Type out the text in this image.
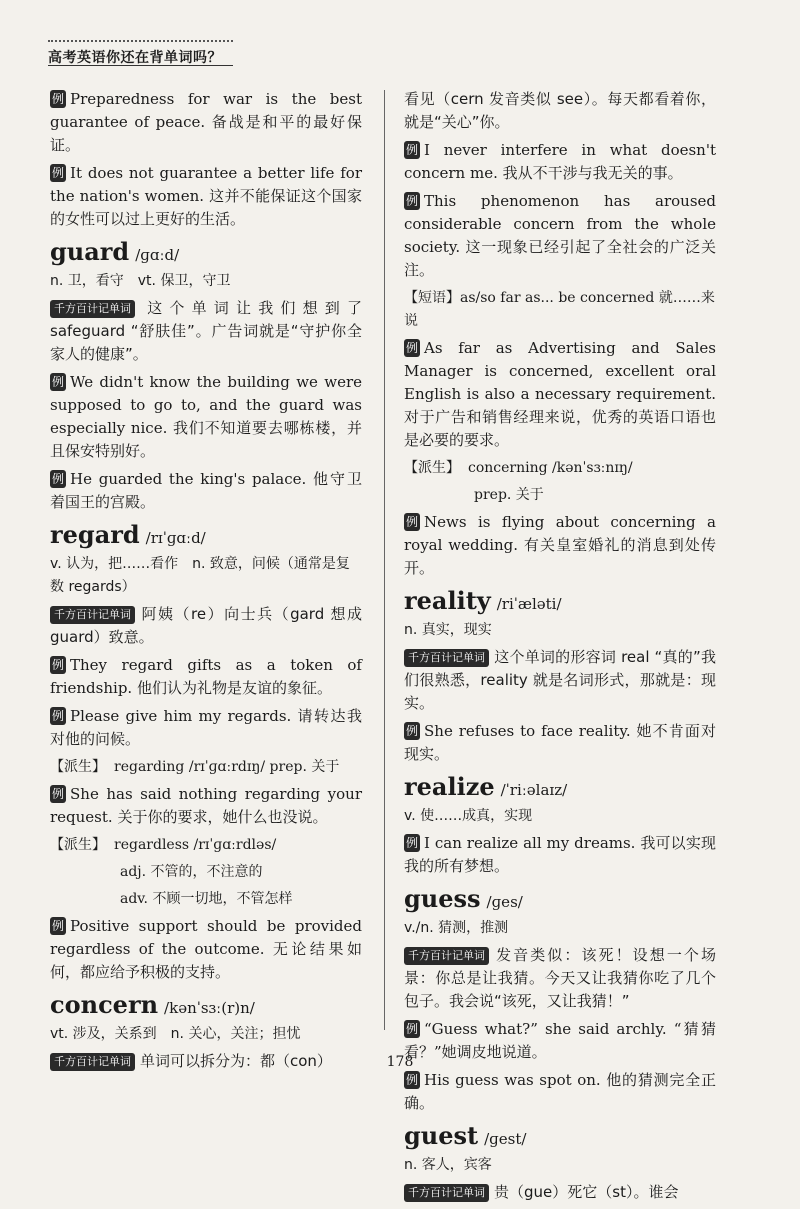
高考英语你还在背单词吗？

例 Preparedness for war is the best guarantee of peace. 备战是和平的最好保证。

例 It does not guarantee a better life for the nation's women. 这并不能保证这个国家的女性可以过上更好的生活。

guard /ɡɑːd/

n. 卫，看守　vt. 保卫，守卫

千方百计记单词 这个单词让我们想到了 safeguard “舒肤佳”。广告词就是“守护你全家人的健康”。

例 We didn't know the building we were supposed to go to, and the guard was especially nice. 我们不知道要去哪栋楼，并且保安特别好。

例 He guarded the king's palace. 他守卫着国王的宫殿。

regard /rɪˈɡɑːd/

v. 认为，把……看作　n. 致意，问候（通常是复数 regards）

千方百计记单词 阿姨（re）向士兵（gard 想成 guard）致意。

例 They regard gifts as a token of friendship. 他们认为礼物是友谊的象征。

例 Please give him my regards. 请转达我对他的问候。

【派生】 regarding /rɪˈɡɑːrdɪŋ/ prep. 关于

例 She has said nothing regarding your request. 关于你的要求，她什么也没说。

【派生】 regardless /rɪˈɡɑːrdləs/

adj. 不管的，不注意的

adv. 不顾一切地，不管怎样

例 Positive support should be provided regardless of the outcome. 无论结果如何，都应给予积极的支持。

concern /kənˈsɜː(r)n/

vt. 涉及，关系到　n. 关心，关注；担忧

千方百计记单词 单词可以拆分为：都（con）

看见（cern 发音类似 see）。每天都看着你，就是“关心”你。

例 I never interfere in what doesn't concern me. 我从不干涉与我无关的事。

例 This phenomenon has aroused considerable concern from the whole society. 这一现象已经引起了全社会的广泛关注。

【短语】as/so far as... be concerned 就……来说

例 As far as Advertising and Sales Manager is concerned, excellent oral English is also a necessary requirement. 对于广告和销售经理来说，优秀的英语口语也是必要的要求。

【派生】 concerning /kənˈsɜːnɪŋ/

prep. 关于

例 News is flying about concerning a royal wedding. 有关皇室婚礼的消息到处传开。

reality /riˈæləti/

n. 真实，现实

千方百计记单词 这个单词的形容词 real “真的”我们很熟悉，reality 就是名词形式，那就是：现实。

例 She refuses to face reality. 她不肯面对现实。

realize /ˈriːəlaɪz/

v. 使……成真，实现

例 I can realize all my dreams. 我可以实现我的所有梦想。

guess /ɡes/

v./n. 猜测，推测

千方百计记单词 发音类似：该死！设想一个场景：你总是让我猜。今天又让我猜你吃了几个包子。我会说“该死，又让我猜！”

例 “Guess what?” she said archly. “猜猜看？”她调皮地说道。

例 His guess was spot on. 他的猜测完全正确。

guest /ɡest/

n. 客人，宾客

千方百计记单词 贵（gue）死它（st）。谁会

178
